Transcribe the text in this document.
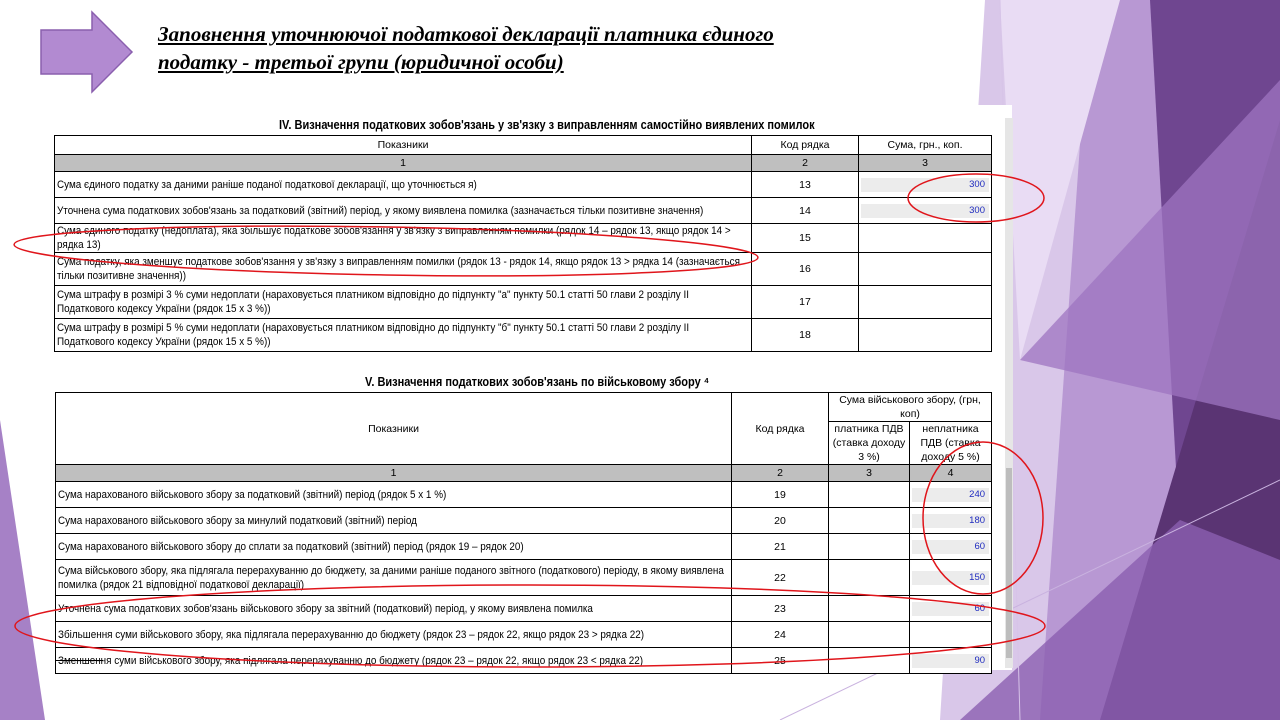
Заповнення уточнюючої податкової декларації платника єдиного
податку - третьої групи (юридичної особи)
IV. Визначення податкових зобов'язань у зв'язку з виправленням самостійно виявлених помилок
Показники	Код рядка	Сума, грн., коп.
1	2	3
Сума єдиного податку за даними раніше поданої податкової декларації, що уточнюється я)	13	300

Уточнена сума податкових зобов'язань за податковий (звітний) період, у якому виявлена помилка (зазначається тільки позитивне значення)	14	300

Сума єдиного податку (недоплата), яка збільшує податкове зобов'язання у зв'язку з виправленням помилки (рядок 14 – рядок 13, якщо рядок 14 > рядка 13)	15	

Сума податку, яка зменшує податкове зобов'язання у зв'язку з виправленням помилки (рядок 13 - рядок 14, якщо рядок 13 > рядка 14 (зазначається тільки позитивне значення))	16	

Сума штрафу в розмірі 3 % суми недоплати (нараховується платником відповідно до підпункту "а" пункту 50.1 статті 50 глави 2 розділу ІІ Податкового кодексу України (рядок 15 х 3 %))	17	

Сума штрафу в розмірі 5 % суми недоплати (нараховується платником відповідно до підпункту "б" пункту 50.1 статті 50 глави 2 розділу ІІ Податкового кодексу України (рядок 15 х 5 %))	18	
V. Визначення податкових зобов'язань по військовому збору ⁴
Показники	Код рядка	Сума військового збору, (грн, коп)	
		платника ПДВ (ставка доходу 3 %)	неплатника ПДВ (ставка доходу 5 %)
1	2	3	4
Сума нарахованого військового збору за податковий (звітний) період (рядок 5 х 1 %)	19		240

Сума нарахованого військового збору за минулий податковий (звітний) період	20		180

Сума нарахованого військового збору до сплати за податковий (звітний) період (рядок 19 – рядок 20)	21		60

Сума військового збору, яка підлягала перерахуванню до бюджету, за даними раніше поданого звітного (податкового) періоду, в якому виявлена помилка (рядок 21 відповідної податкової декларації)	22		150

Уточнена сума податкових зобов'язань військового збору за звітний (податковий) період, у якому виявлена помилка	23		60

Збільшення суми військового збору, яка підлягала перерахуванню до бюджету (рядок 23 – рядок 22, якщо рядок 23 > рядка 22)	24	

Зменшення суми військового збору, яка підлягала перерахуванню до бюджету (рядок 23 – рядок 22, якщо рядок 23 < рядка 22)	25		90
